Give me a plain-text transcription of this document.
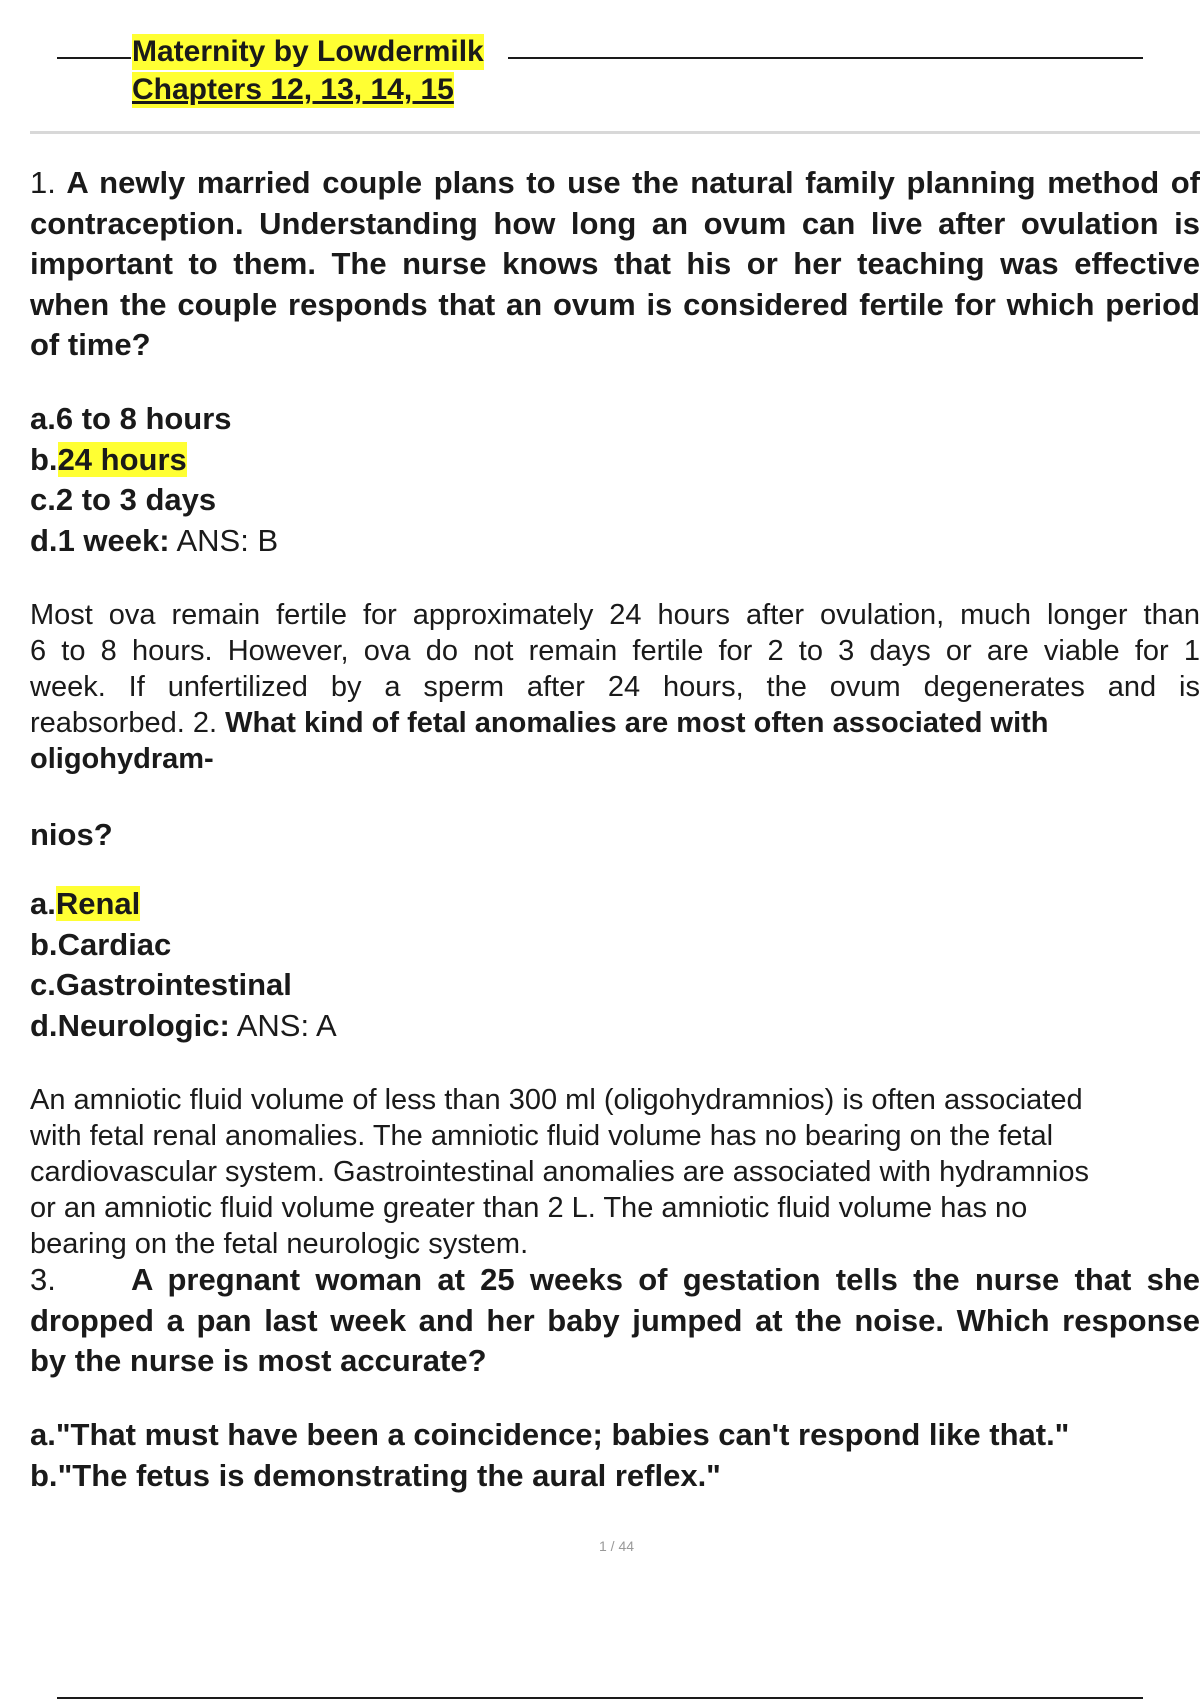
Maternity by Lowdermilk
Chapters 12, 13, 14, 15
1. A newly married couple plans to use the natural family planning method of
contraception. Understanding how long an ovum can live after ovulation is
important to them. The nurse knows that his or her teaching was effective
when the couple responds that an ovum is considered fertile for which period
of time?
a.6 to 8 hours
b.24 hours
c.2 to 3 days
d.1 week: ANS: B
Most ova remain fertile for approximately 24 hours after ovulation, much longer than
6 to 8 hours. However, ova do not remain fertile for 2 to 3 days or are viable for 1
week. If unfertilized by a sperm after 24 hours, the ovum degenerates and is
reabsorbed. 2. What kind of fetal anomalies are most often associated with
oligohydram-
nios?
a.Renal
b.Cardiac
c.Gastrointestinal
d.Neurologic: ANS: A
An amniotic fluid volume of less than 300 ml (oligohydramnios) is often associated
with fetal renal anomalies. The amniotic fluid volume has no bearing on the fetal
cardiovascular system. Gastrointestinal anomalies are associated with hydramnios
or an amniotic fluid volume greater than 2 L. The amniotic fluid volume has no
bearing on the fetal neurologic system.
3. A pregnant woman at 25 weeks of gestation tells the nurse that she
dropped a pan last week and her baby jumped at the noise. Which response
by the nurse is most accurate?
a."That must have been a coincidence; babies can't respond like that."
b."The fetus is demonstrating the aural reflex."
1 / 44
